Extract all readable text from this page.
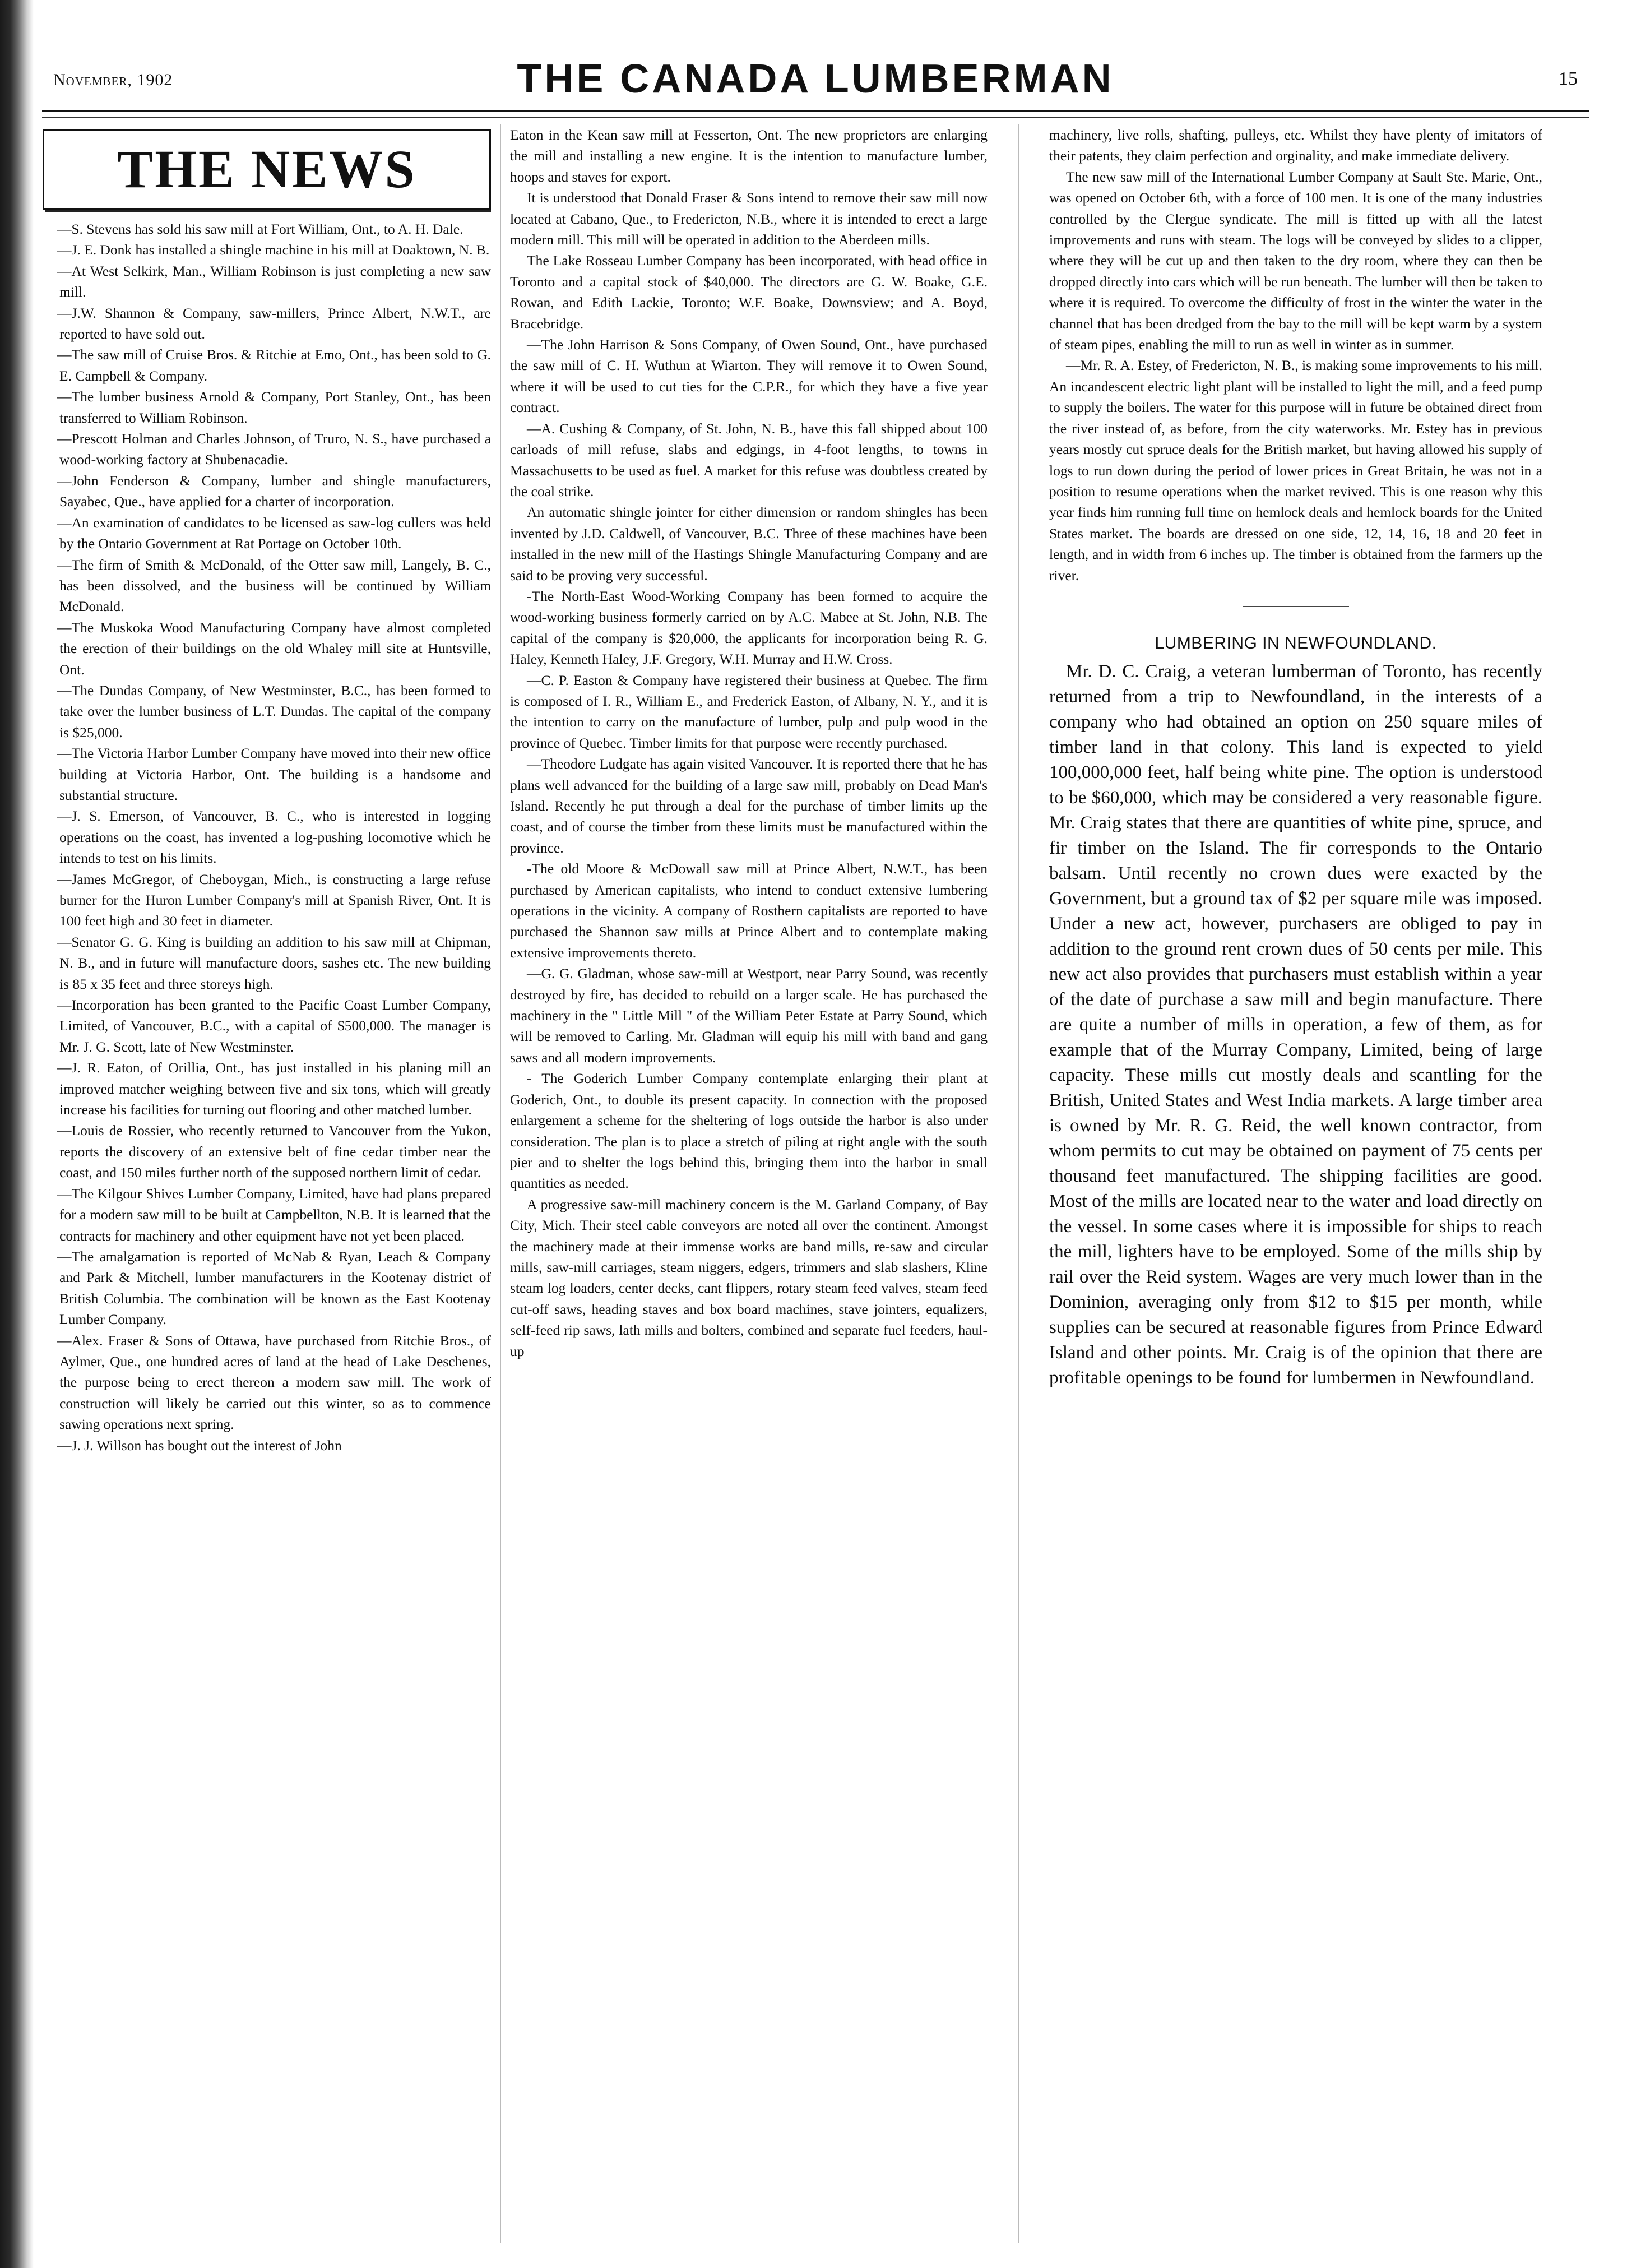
November, 1902	THE CANADA LUMBERMAN	15
THE NEWS

—S. Stevens has sold his saw mill at Fort William, Ont., to A. H. Dale.

—J. E. Donk has installed a shingle machine in his mill at Doaktown, N. B.

—At West Selkirk, Man., William Robinson is just completing a new saw mill.

—J.W. Shannon & Company, saw-millers, Prince Albert, N.W.T., are reported to have sold out.

—The saw mill of Cruise Bros. & Ritchie at Emo, Ont., has been sold to G. E. Campbell & Company.

—The lumber business Arnold & Company, Port Stanley, Ont., has been transferred to William Robinson.

—Prescott Holman and Charles Johnson, of Truro, N. S., have purchased a wood-working factory at Shubenacadie.

—John Fenderson & Company, lumber and shingle manufacturers, Sayabec, Que., have applied for a charter of incorporation.

—An examination of candidates to be licensed as saw-log cullers was held by the Ontario Government at Rat Portage on October 10th.

—The firm of Smith & McDonald, of the Otter saw mill, Langely, B. C., has been dissolved, and the business will be continued by William McDonald.

—The Muskoka Wood Manufacturing Company have almost completed the erection of their buildings on the old Whaley mill site at Huntsville, Ont.

—The Dundas Company, of New Westminster, B.C., has been formed to take over the lumber business of L.T. Dundas. The capital of the company is $25,000.

—The Victoria Harbor Lumber Company have moved into their new office building at Victoria Harbor, Ont. The building is a handsome and substantial structure.

—J. S. Emerson, of Vancouver, B. C., who is interested in logging operations on the coast, has invented a log-pushing locomotive which he intends to test on his limits.

—James McGregor, of Cheboygan, Mich., is constructing a large refuse burner for the Huron Lumber Company's mill at Spanish River, Ont. It is 100 feet high and 30 feet in diameter.

—Senator G. G. King is building an addition to his saw mill at Chipman, N. B., and in future will manufacture doors, sashes etc. The new building is 85 x 35 feet and three storeys high.

—Incorporation has been granted to the Pacific Coast Lumber Company, Limited, of Vancouver, B.C., with a capital of $500,000. The manager is Mr. J. G. Scott, late of New Westminster.

—J. R. Eaton, of Orillia, Ont., has just installed in his planing mill an improved matcher weighing between five and six tons, which will greatly increase his facilities for turning out flooring and other matched lumber.

—Louis de Rossier, who recently returned to Vancouver from the Yukon, reports the discovery of an extensive belt of fine cedar timber near the coast, and 150 miles further north of the supposed northern limit of cedar.

—The Kilgour Shives Lumber Company, Limited, have had plans prepared for a modern saw mill to be built at Campbellton, N.B. It is learned that the contracts for machinery and other equipment have not yet been placed.

—The amalgamation is reported of McNab & Ryan, Leach & Company and Park & Mitchell, lumber manufacturers in the Kootenay district of British Columbia. The combination will be known as the East Kootenay Lumber Company.

—Alex. Fraser & Sons of Ottawa, have purchased from Ritchie Bros., of Aylmer, Que., one hundred acres of land at the head of Lake Deschenes, the purpose being to erect thereon a modern saw mill. The work of construction will likely be carried out this winter, so as to commence sawing operations next spring.

—J. J. Willson has bought out the interest of John

Eaton in the Kean saw mill at Fesserton, Ont. The new proprietors are enlarging the mill and installing a new engine. It is the intention to manufacture lumber, hoops and staves for export.

It is understood that Donald Fraser & Sons intend to remove their saw mill now located at Cabano, Que., to Fredericton, N.B., where it is intended to erect a large modern mill. This mill will be operated in addition to the Aberdeen mills.

The Lake Rosseau Lumber Company has been incorporated, with head office in Toronto and a capital stock of $40,000. The directors are G. W. Boake, G.E. Rowan, and Edith Lackie, Toronto; W.F. Boake, Downsview; and A. Boyd, Bracebridge.

—The John Harrison & Sons Company, of Owen Sound, Ont., have purchased the saw mill of C. H. Wuthun at Wiarton. They will remove it to Owen Sound, where it will be used to cut ties for the C.P.R., for which they have a five year contract.

—A. Cushing & Company, of St. John, N. B., have this fall shipped about 100 carloads of mill refuse, slabs and edgings, in 4-foot lengths, to towns in Massachusetts to be used as fuel. A market for this refuse was doubtless created by the coal strike.

An automatic shingle jointer for either dimension or random shingles has been invented by J.D. Caldwell, of Vancouver, B.C. Three of these machines have been installed in the new mill of the Hastings Shingle Manufacturing Company and are said to be proving very successful.

-The North-East Wood-Working Company has been formed to acquire the wood-working business formerly carried on by A.C. Mabee at St. John, N.B. The capital of the company is $20,000, the applicants for incorporation being R. G. Haley, Kenneth Haley, J.F. Gregory, W.H. Murray and H.W. Cross.

—C. P. Easton & Company have registered their business at Quebec. The firm is composed of I. R., William E., and Frederick Easton, of Albany, N. Y., and it is the intention to carry on the manufacture of lumber, pulp and pulp wood in the province of Quebec. Timber limits for that purpose were recently purchased.

—Theodore Ludgate has again visited Vancouver. It is reported there that he has plans well advanced for the building of a large saw mill, probably on Dead Man's Island. Recently he put through a deal for the purchase of timber limits up the coast, and of course the timber from these limits must be manufactured within the province.

-The old Moore & McDowall saw mill at Prince Albert, N.W.T., has been purchased by American capitalists, who intend to conduct extensive lumbering operations in the vicinity. A company of Rosthern capitalists are reported to have purchased the Shannon saw mills at Prince Albert and to contemplate making extensive improvements thereto.

—G. G. Gladman, whose saw-mill at Westport, near Parry Sound, was recently destroyed by fire, has decided to rebuild on a larger scale. He has purchased the machinery in the " Little Mill " of the William Peter Estate at Parry Sound, which will be removed to Carling. Mr. Gladman will equip his mill with band and gang saws and all modern improvements.

- The Goderich Lumber Company contemplate enlarging their plant at Goderich, Ont., to double its present capacity. In connection with the proposed enlargement a scheme for the sheltering of logs outside the harbor is also under consideration. The plan is to place a stretch of piling at right angle with the south pier and to shelter the logs behind this, bringing them into the harbor in small quantities as needed.

A progressive saw-mill machinery concern is the M. Garland Company, of Bay City, Mich. Their steel cable conveyors are noted all over the continent. Amongst the machinery made at their immense works are band mills, re-saw and circular mills, saw-mill carriages, steam niggers, edgers, trimmers and slab slashers, Kline steam log loaders, center decks, cant flippers, rotary steam feed valves, steam feed cut-off saws, heading staves and box board machines, stave jointers, equalizers, self-feed rip saws, lath mills and bolters, combined and separate fuel feeders, haul-up

machinery, live rolls, shafting, pulleys, etc. Whilst they have plenty of imitators of their patents, they claim perfection and orginality, and make immediate delivery.

The new saw mill of the International Lumber Company at Sault Ste. Marie, Ont., was opened on October 6th, with a force of 100 men. It is one of the many industries controlled by the Clergue syndicate. The mill is fitted up with all the latest improvements and runs with steam. The logs will be conveyed by slides to a clipper, where they will be cut up and then taken to the dry room, where they can then be dropped directly into cars which will be run beneath. The lumber will then be taken to where it is required. To overcome the difficulty of frost in the winter the water in the channel that has been dredged from the bay to the mill will be kept warm by a system of steam pipes, enabling the mill to run as well in winter as in summer.

—Mr. R. A. Estey, of Fredericton, N. B., is making some improvements to his mill. An incandescent electric light plant will be installed to light the mill, and a feed pump to supply the boilers. The water for this purpose will in future be obtained direct from the river instead of, as before, from the city waterworks. Mr. Estey has in previous years mostly cut spruce deals for the British market, but having allowed his supply of logs to run down during the period of lower prices in Great Britain, he was not in a position to resume operations when the market revived. This is one reason why this year finds him running full time on hemlock deals and hemlock boards for the United States market. The boards are dressed on one side, 12, 14, 16, 18 and 20 feet in length, and in width from 6 inches up. The timber is obtained from the farmers up the river.

LUMBERING IN NEWFOUNDLAND.

Mr. D. C. Craig, a veteran lumberman of Toronto, has recently returned from a trip to Newfoundland, in the interests of a company who had obtained an option on 250 square miles of timber land in that colony. This land is expected to yield 100,000,000 feet, half being white pine. The option is understood to be $60,000, which may be considered a very reasonable figure. Mr. Craig states that there are quantities of white pine, spruce, and fir timber on the Island. The fir corresponds to the Ontario balsam. Until recently no crown dues were exacted by the Government, but a ground tax of $2 per square mile was imposed. Under a new act, however, purchasers are obliged to pay in addition to the ground rent crown dues of 50 cents per mile. This new act also provides that purchasers must establish within a year of the date of purchase a saw mill and begin manufacture. There are quite a number of mills in operation, a few of them, as for example that of the Murray Company, Limited, being of large capacity. These mills cut mostly deals and scantling for the British, United States and West India markets. A large timber area is owned by Mr. R. G. Reid, the well known contractor, from whom permits to cut may be obtained on payment of 75 cents per thousand feet manufactured. The shipping facilities are good. Most of the mills are located near to the water and load directly on the vessel. In some cases where it is impossible for ships to reach the mill, lighters have to be employed. Some of the mills ship by rail over the Reid system. Wages are very much lower than in the Dominion, averaging only from $12 to $15 per month, while supplies can be secured at reasonable figures from Prince Edward Island and other points. Mr. Craig is of the opinion that there are profitable openings to be found for lumbermen in Newfoundland.
